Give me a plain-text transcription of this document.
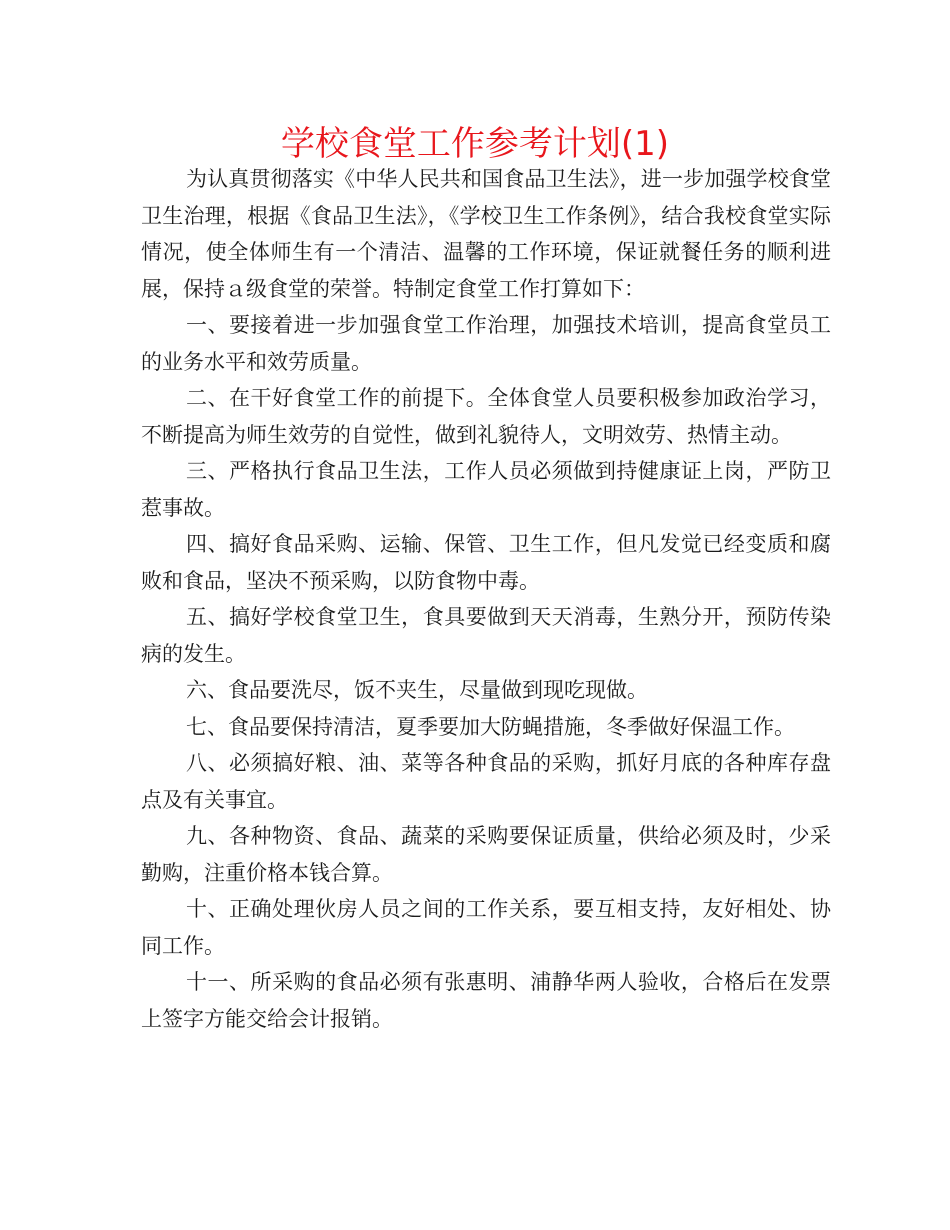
学校食堂工作参考计划(1)

为认真贯彻落实《中华人民共和国食品卫生法》，进一步加强学校食堂卫生治理，根据《食品卫生法》，《学校卫生工作条例》，结合我校食堂实际情况，使全体师生有一个清洁、温馨的工作环境，保证就餐任务的顺利进展，保持ａ级食堂的荣誉。特制定食堂工作打算如下：

一、要接着进一步加强食堂工作治理，加强技术培训，提高食堂员工的业务水平和效劳质量。

二、在干好食堂工作的前提下。全体食堂人员要积极参加政治学习，不断提高为师生效劳的自觉性，做到礼貌待人，文明效劳、热情主动。

三、严格执行食品卫生法，工作人员必须做到持健康证上岗，严防卫惹事故。

四、搞好食品采购、运输、保管、卫生工作，但凡发觉已经变质和腐败和食品，坚决不预采购，以防食物中毒。

五、搞好学校食堂卫生，食具要做到天天消毒，生熟分开，预防传染病的发生。

六、食品要洗尽，饭不夹生，尽量做到现吃现做。

七、食品要保持清洁，夏季要加大防蝇措施，冬季做好保温工作。

八、必须搞好粮、油、菜等各种食品的采购，抓好月底的各种库存盘点及有关事宜。

九、各种物资、食品、蔬菜的采购要保证质量，供给必须及时，少采勤购，注重价格本钱合算。

十、正确处理伙房人员之间的工作关系，要互相支持，友好相处、协同工作。

十一、所采购的食品必须有张惠明、浦静华两人验收，合格后在发票上签字方能交给会计报销。
